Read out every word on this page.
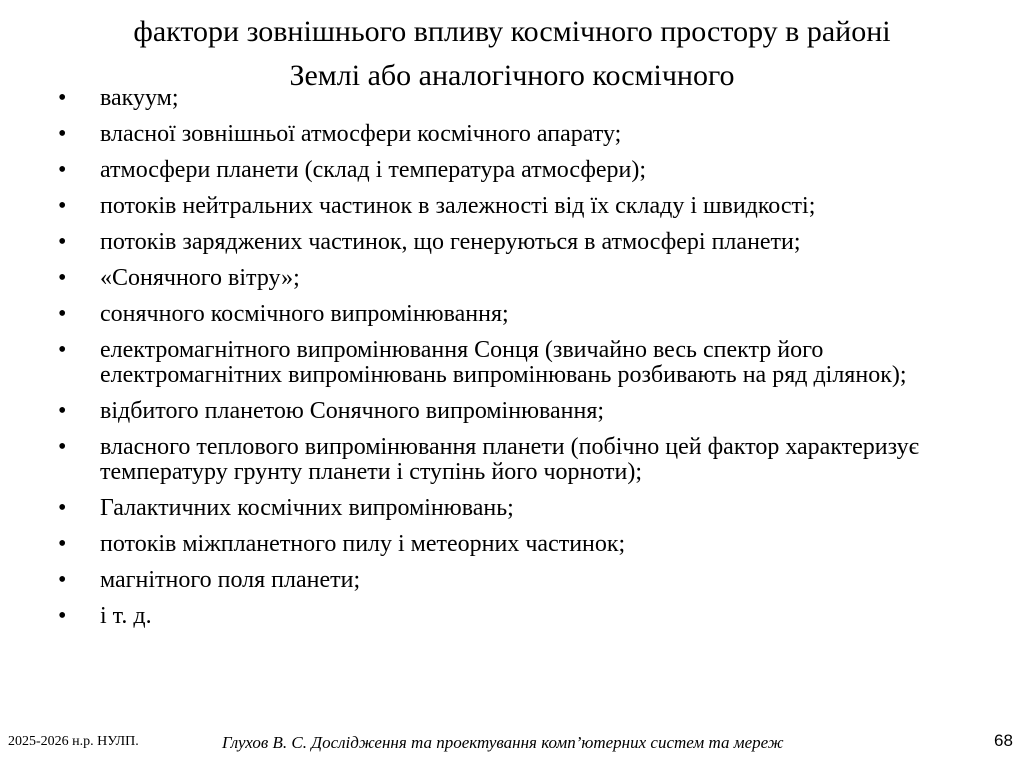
фактори зовнішнього впливу космічного простору в районі
Землі або аналогічного космічного
•	вакуум;
•	власної зовнішньої атмосфери космічного апарату;
•	атмосфери планети (склад і температура атмосфери);
•	потоків нейтральних частинок в залежності від їх складу і швидкості;
•	потоків заряджених частинок, що генеруються в атмосфері планети;
•	«Сонячного вітру»;
•	сонячного космічного випромінювання;
•	електромагнітного випромінювання Сонця (звичайно весь спектр його електромагнітних випромінювань випромінювань розбивають на ряд ділянок);
•	відбитого планетою Сонячного випромінювання;
•	власного теплового випромінювання планети (побічно цей фактор характеризує температуру грунту планети і ступінь його чорноти);
•	Галактичних космічних випромінювань;
•	потоків міжпланетного пилу і метеорних частинок;
•	магнітного поля планети;
•	і т. д.
2025-2026 н.р. НУЛП.	Глухов В. С. Дослідження та проектування комп’ютерних систем та мереж	68
